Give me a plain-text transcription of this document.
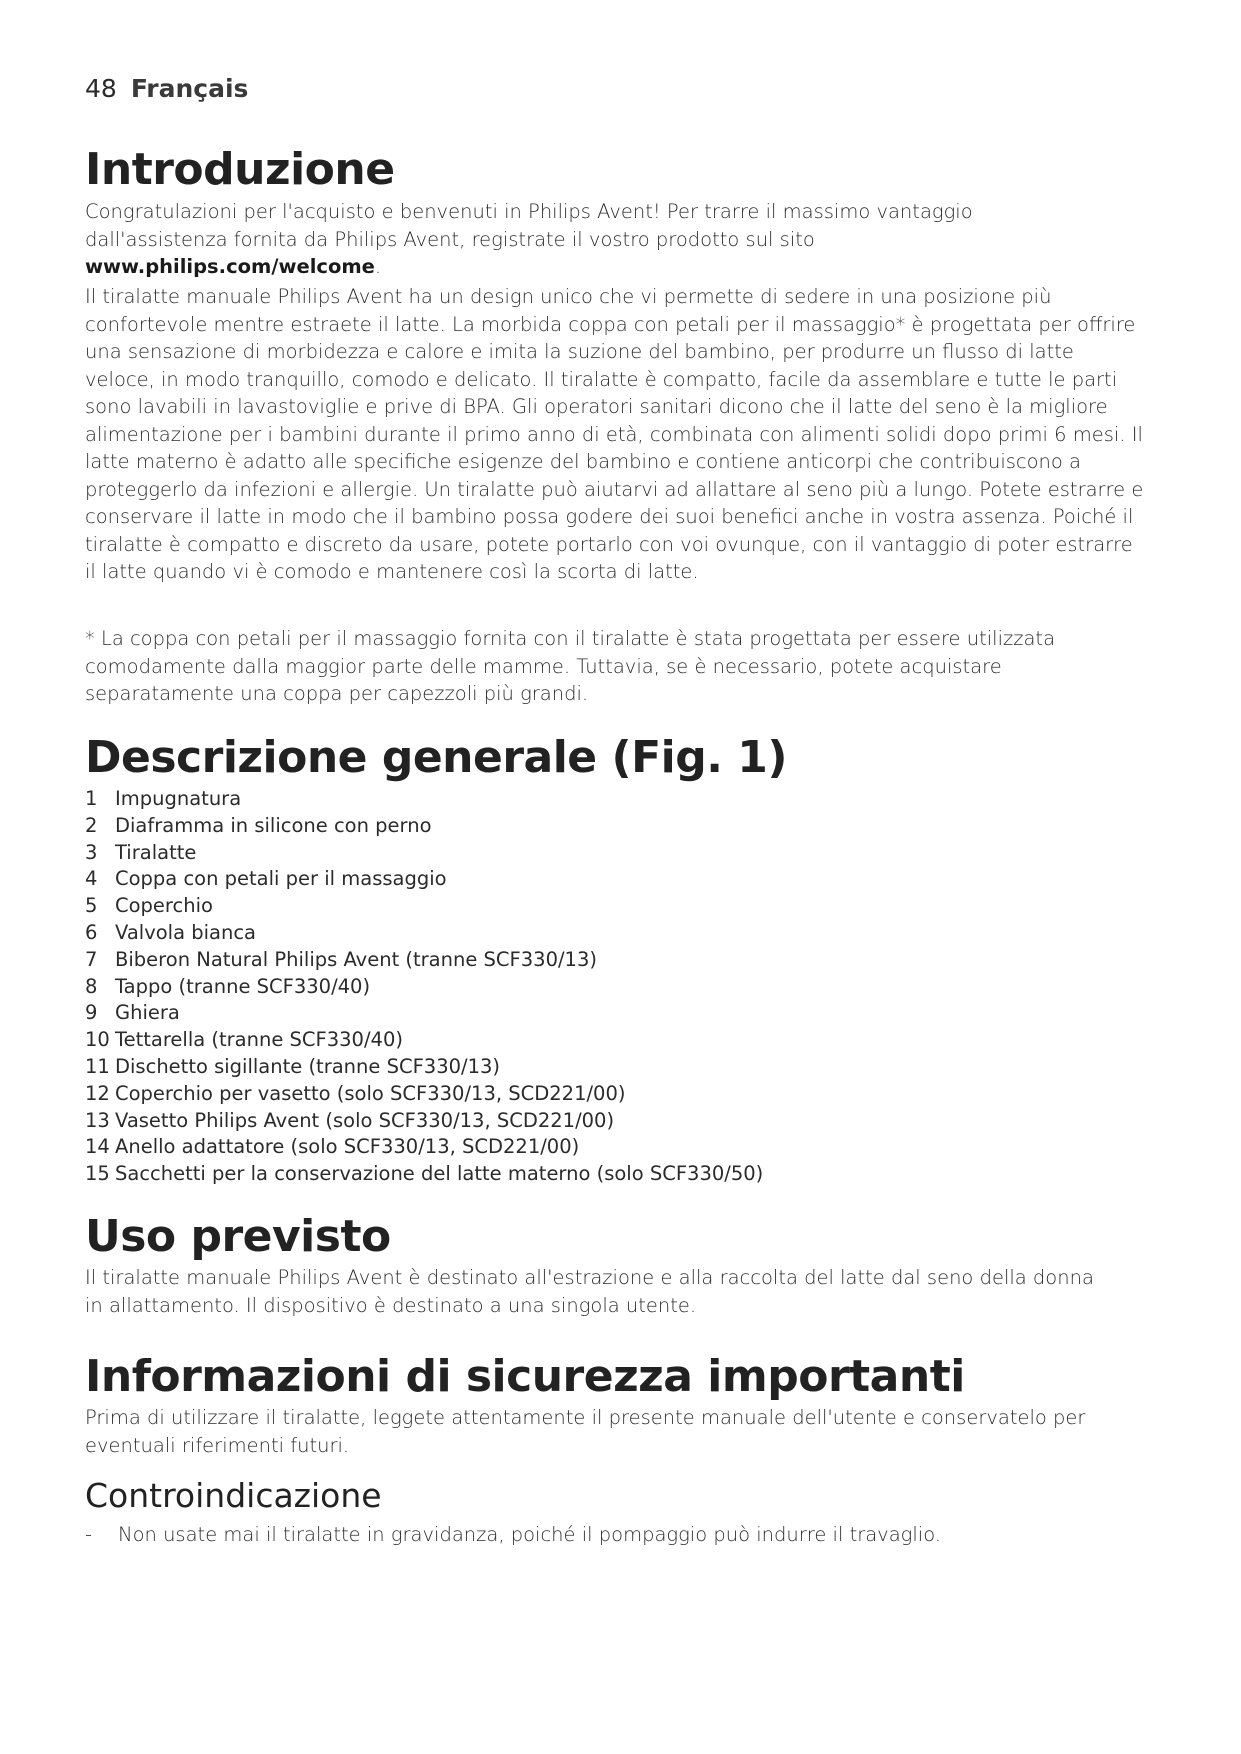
48 Français
Introduzione

Congratulazioni per l'acquisto e benvenuti in Philips Avent! Per trarre il massimo vantaggio dall'assistenza fornita da Philips Avent, registrate il vostro prodotto sul sito www.philips.com/welcome.

Il tiralatte manuale Philips Avent ha un design unico che vi permette di sedere in una posizione più confortevole mentre estraete il latte. La morbida coppa con petali per il massaggio* è progettata per offrire una sensazione di morbidezza e calore e imita la suzione del bambino, per produrre un flusso di latte veloce, in modo tranquillo, comodo e delicato. Il tiralatte è compatto, facile da assemblare e tutte le parti sono lavabili in lavastoviglie e prive di BPA. Gli operatori sanitari dicono che il latte del seno è la migliore alimentazione per i bambini durante il primo anno di età, combinata con alimenti solidi dopo primi 6 mesi. Il latte materno è adatto alle specifiche esigenze del bambino e contiene anticorpi che contribuiscono a proteggerlo da infezioni e allergie. Un tiralatte può aiutarvi ad allattare al seno più a lungo. Potete estrarre e conservare il latte in modo che il bambino possa godere dei suoi benefici anche in vostra assenza. Poiché il tiralatte è compatto e discreto da usare, potete portarlo con voi ovunque, con il vantaggio di poter estrarre il latte quando vi è comodo e mantenere così la scorta di latte.

* La coppa con petali per il massaggio fornita con il tiralatte è stata progettata per essere utilizzata comodamente dalla maggior parte delle mamme. Tuttavia, se è necessario, potete acquistare separatamente una coppa per capezzoli più grandi.

Descrizione generale (Fig. 1)
1 Impugnatura
2 Diaframma in silicone con perno
3 Tiralatte
4 Coppa con petali per il massaggio
5 Coperchio
6 Valvola bianca
7 Biberon Natural Philips Avent (tranne SCF330/13)
8 Tappo (tranne SCF330/40)
9 Ghiera
10 Tettarella (tranne SCF330/40)
11 Dischetto sigillante (tranne SCF330/13)
12 Coperchio per vasetto (solo SCF330/13, SCD221/00)
13 Vasetto Philips Avent (solo SCF330/13, SCD221/00)
14 Anello adattatore (solo SCF330/13, SCD221/00)
15 Sacchetti per la conservazione del latte materno (solo SCF330/50)
Uso previsto

Il tiralatte manuale Philips Avent è destinato all'estrazione e alla raccolta del latte dal seno della donna in allattamento. Il dispositivo è destinato a una singola utente.

Informazioni di sicurezza importanti

Prima di utilizzare il tiralatte, leggete attentamente il presente manuale dell'utente e conservatelo per eventuali riferimenti futuri.

Controindicazione
-	Non usate mai il tiralatte in gravidanza, poiché il pompaggio può indurre il travaglio.
